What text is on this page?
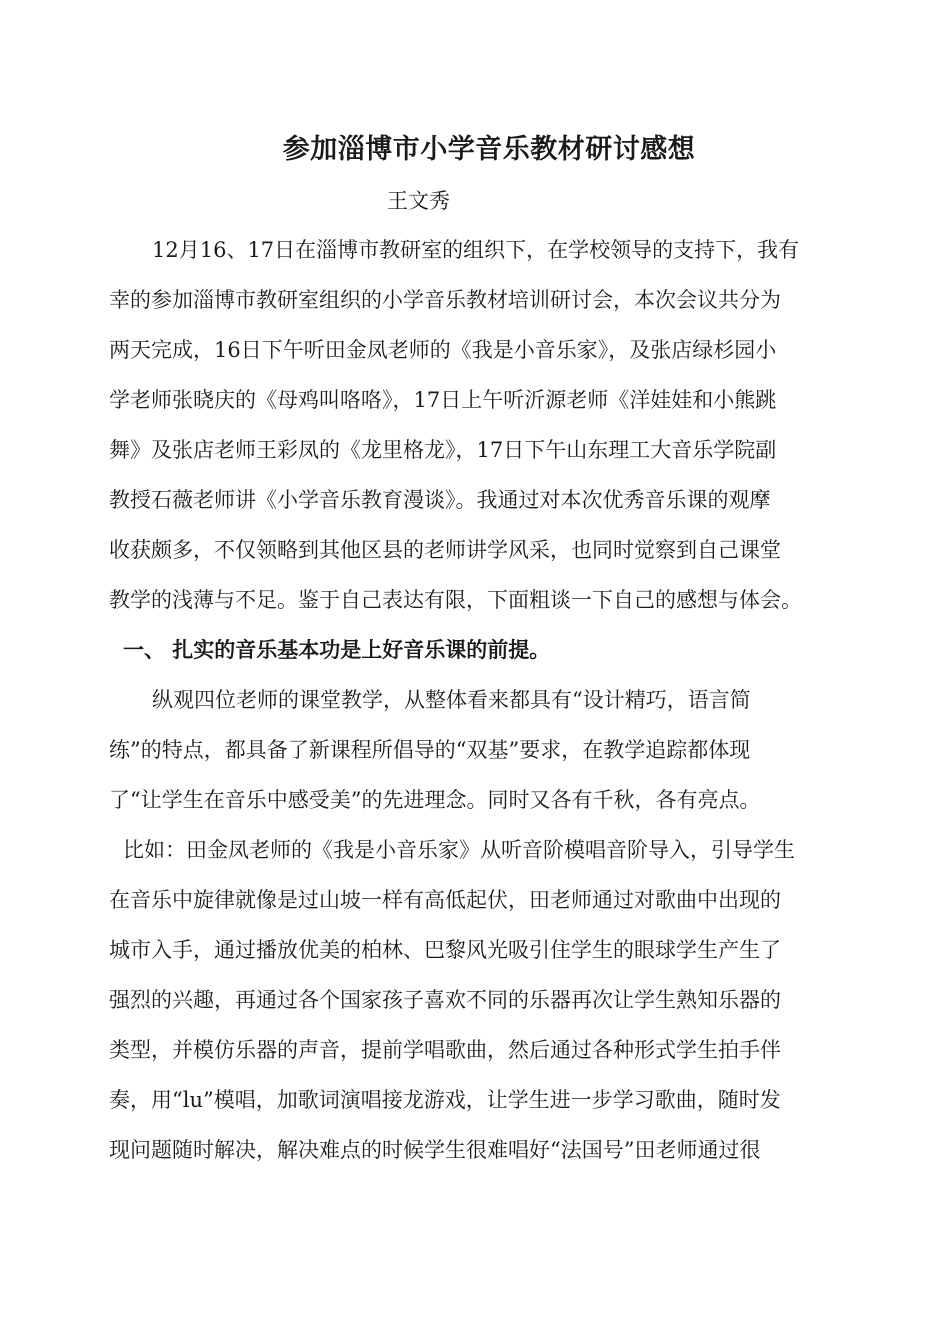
参加淄博市小学音乐教材研讨感想

王文秀

12月16、17日在淄博市教研室的组织下，在学校领导的支持下，我有

幸的参加淄博市教研室组织的小学音乐教材培训研讨会，本次会议共分为

两天完成，16日下午听田金凤老师的《我是小音乐家》，及张店绿杉园小

学老师张晓庆的《母鸡叫咯咯》，17日上午听沂源老师《洋娃娃和小熊跳

舞》及张店老师王彩凤的《龙里格龙》，17日下午山东理工大音乐学院副

教授石薇老师讲《小学音乐教育漫谈》。我通过对本次优秀音乐课的观摩

收获颇多，不仅领略到其他区县的老师讲学风采，也同时觉察到自己课堂

教学的浅薄与不足。鉴于自己表达有限，下面粗谈一下自己的感想与体会。

一、 扎实的音乐基本功是上好音乐课的前提。

纵观四位老师的课堂教学，从整体看来都具有“设计精巧，语言简

练”的特点，都具备了新课程所倡导的“双基”要求，在教学追踪都体现

了“让学生在音乐中感受美”的先进理念。同时又各有千秋，各有亮点。

比如：田金凤老师的《我是小音乐家》从听音阶模唱音阶导入，引导学生

在音乐中旋律就像是过山坡一样有高低起伏，田老师通过对歌曲中出现的

城市入手，通过播放优美的柏林、巴黎风光吸引住学生的眼球学生产生了

强烈的兴趣，再通过各个国家孩子喜欢不同的乐器再次让学生熟知乐器的

类型，并模仿乐器的声音，提前学唱歌曲，然后通过各种形式学生拍手伴

奏，用“lu”模唱，加歌词演唱接龙游戏，让学生进一步学习歌曲，随时发

现问题随时解决，解决难点的时候学生很难唱好“法国号”田老师通过很
